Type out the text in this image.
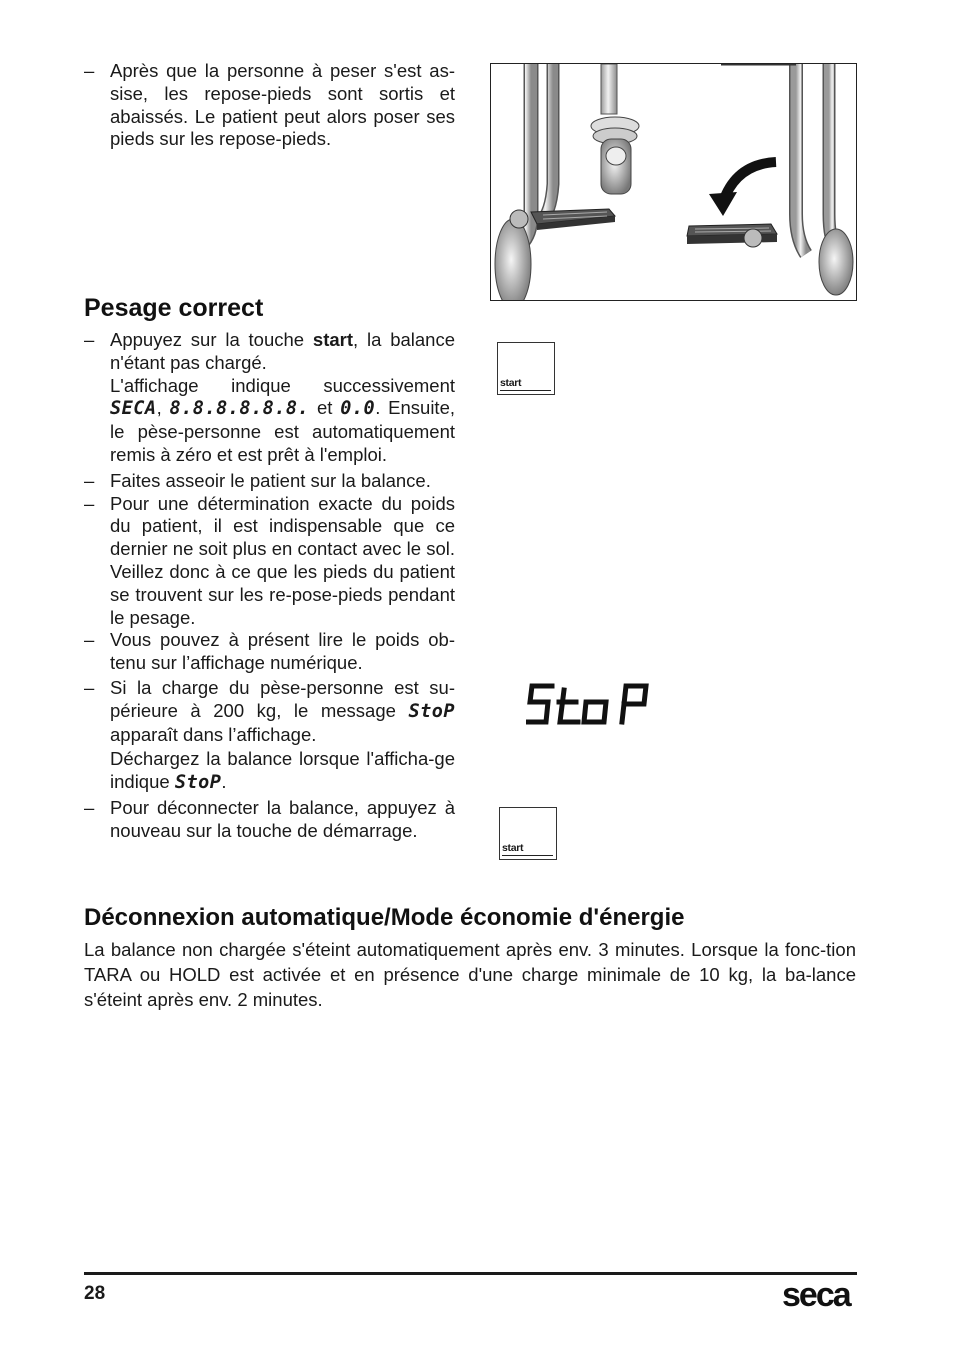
– Après que la personne à peser s'est as-sise, les repose-pieds sont sortis et abaissés. Le patient peut alors poser ses pieds sur les repose-pieds.

Pesage correct
– Appuyez sur la touche start, la balance n'étant pas chargé.

L'affichage indique successivement SECA, 8.8.8.8.8.8. et 0.0. Ensuite, le pèse-personne est automatiquement remis à zéro et est prêt à l'emploi.

– Faites asseoir le patient sur la balance.

– Pour une détermination exacte du poids du patient, il est indispensable que ce dernier ne soit plus en contact avec le sol. Veillez donc à ce que les pieds du patient se trouvent sur les re-pose-pieds pendant le pesage.

– Vous pouvez à présent lire le poids ob-tenu sur l’affichage numérique.

– Si la charge du pèse-personne est su-périeure à 200 kg, le message StoP apparaît dans l’affichage.

Déchargez la balance lorsque l'afficha-ge indique StoP.

– Pour déconnecter la balance, appuyez à nouveau sur la touche de démarrage.

start
start
Déconnexion automatique/Mode économie d'énergie

La balance non chargée s'éteint automatiquement après env. 3 minutes. Lorsque la fonc-tion TARA ou HOLD est activée et en présence d'une charge minimale de 10 kg, la ba-lance s'éteint après env. 2 minutes.

28	seca
